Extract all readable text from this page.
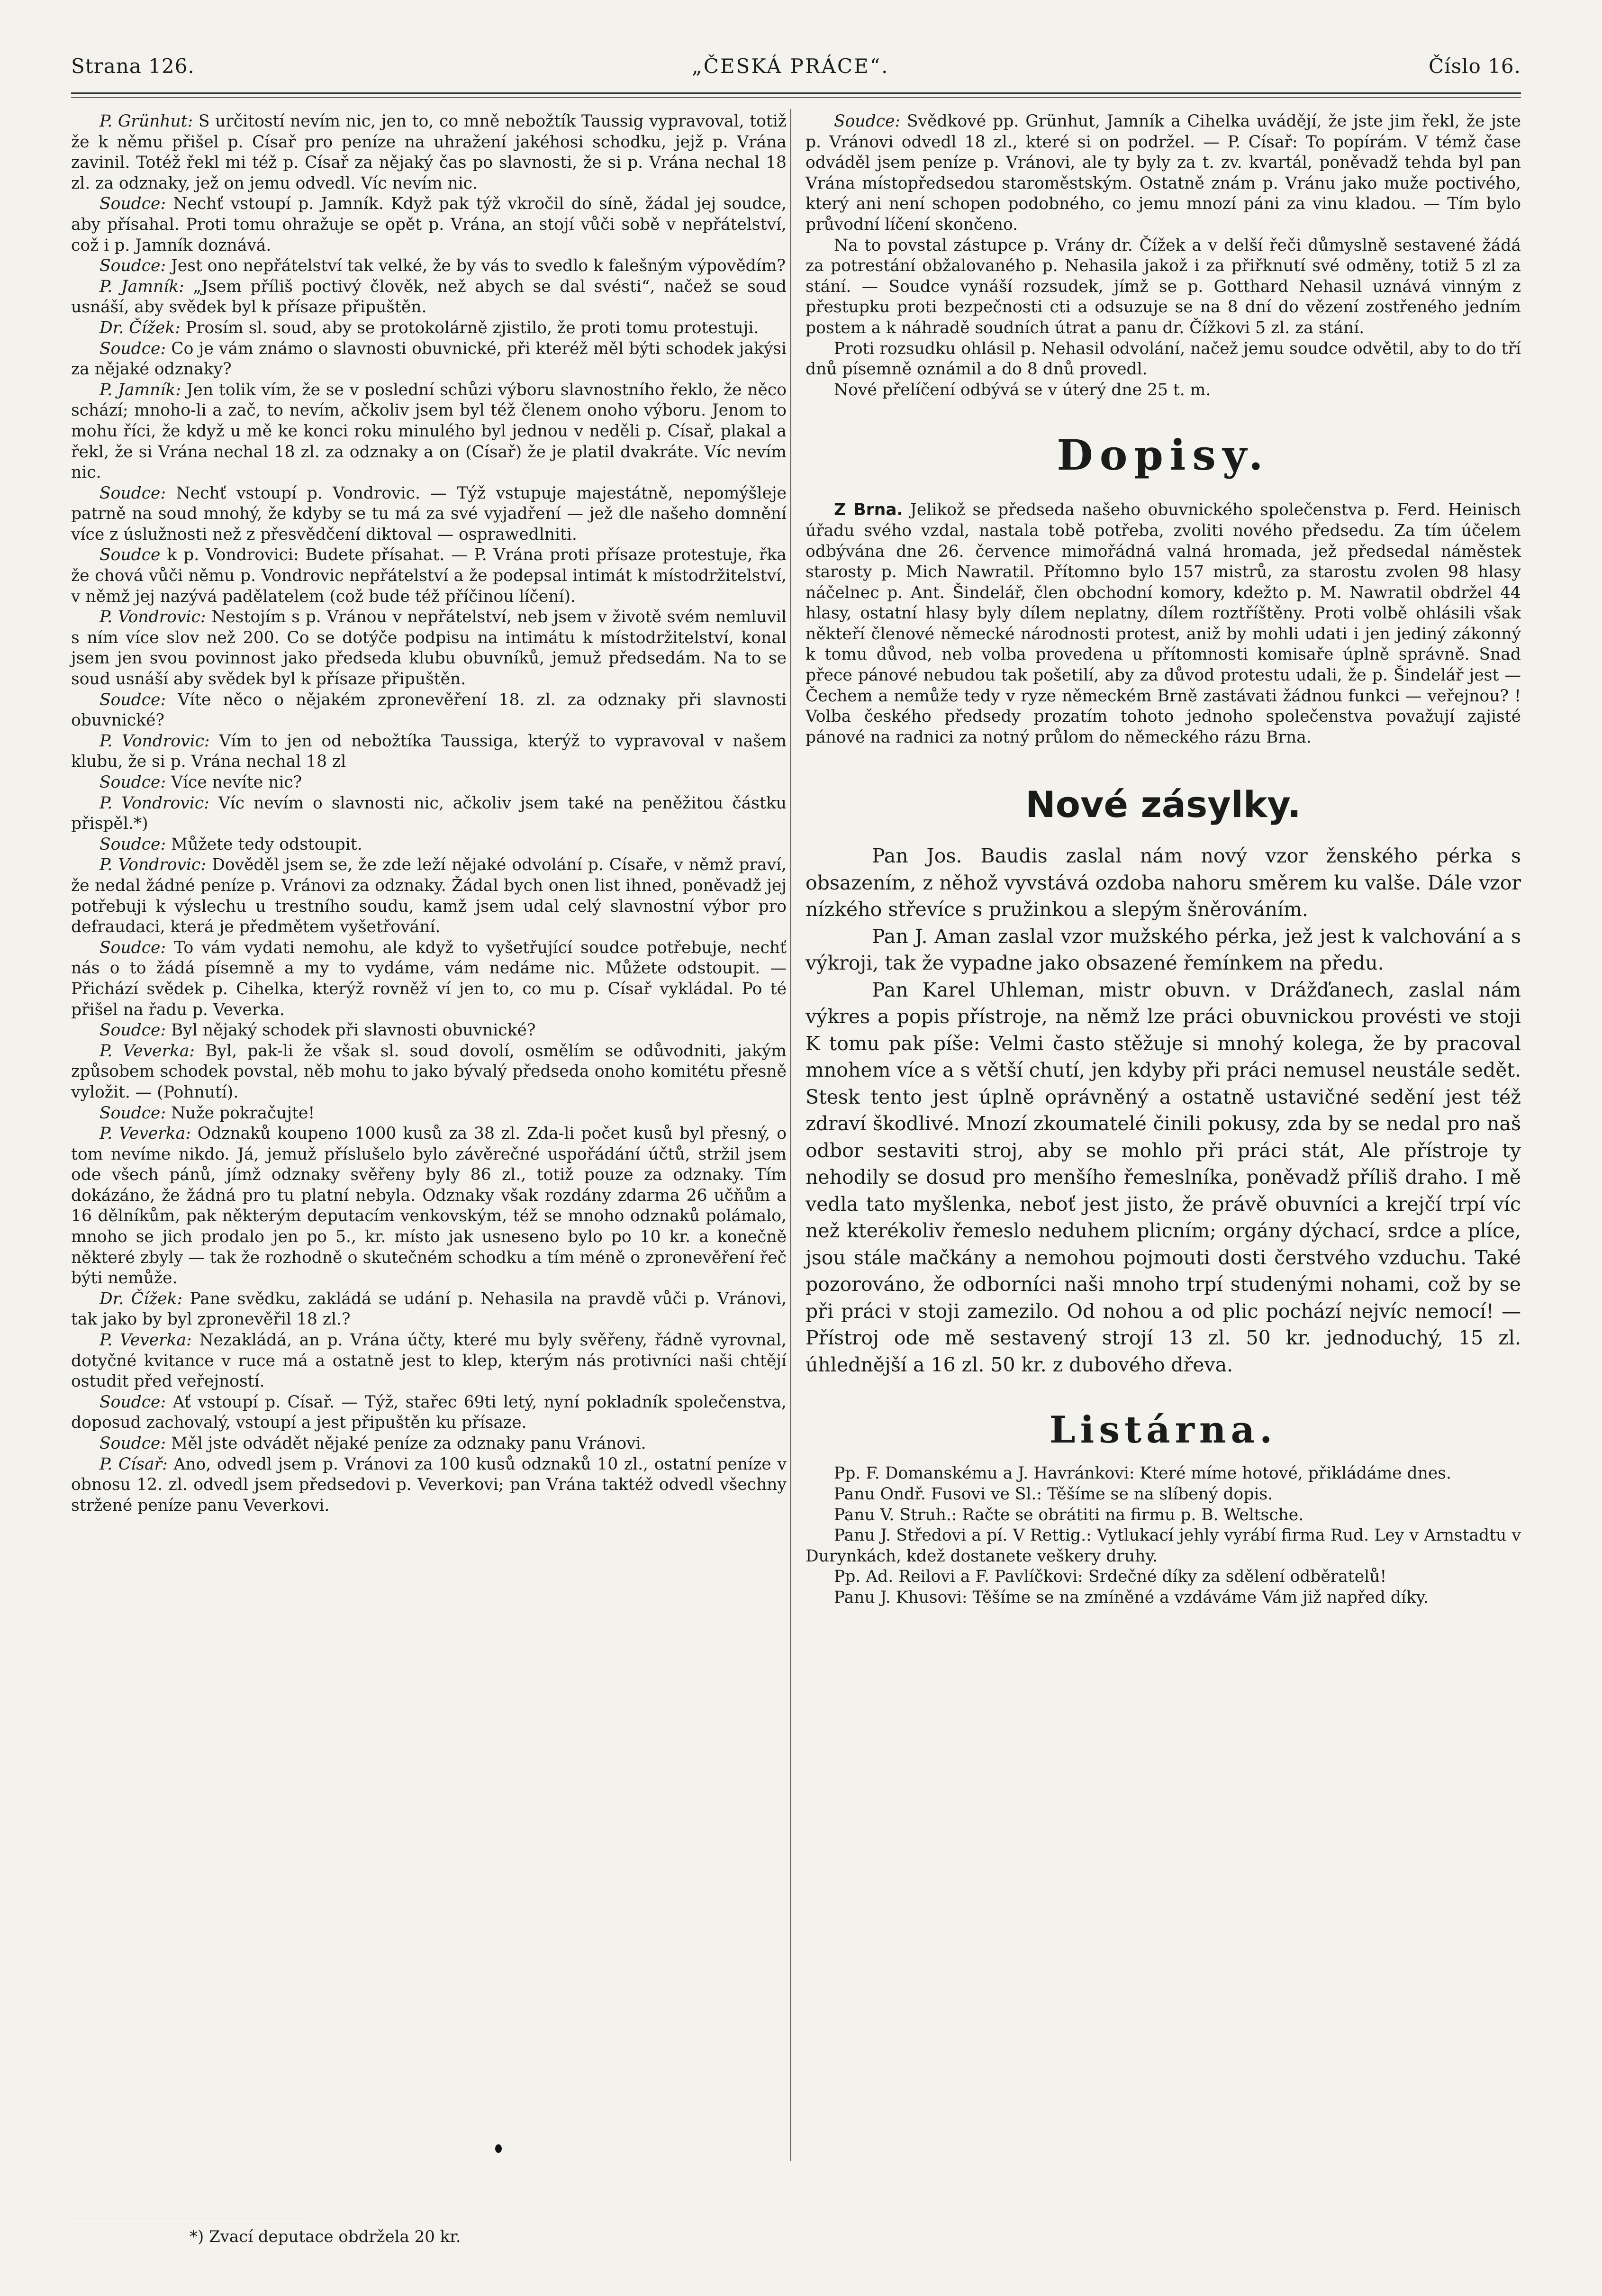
Strana 126.	„ČESKÁ PRÁCE“.	Číslo 16.

P. Grünhut: S určitostí nevím nic, jen to, co mně nebožtík Taussig vypravoval, totiž že k němu přišel p. Císař pro peníze na uhražení jakéhosi schodku, jejž p. Vrána zavinil. Totéž řekl mi též p. Císař za nějaký čas po slavnosti, že si p. Vrána nechal 18 zl. za odznaky, jež on jemu odvedl. Víc nevím nic.

Soudce: Nechť vstoupí p. Jamník. Když pak týž vkročil do síně, žádal jej soudce, aby přísahal. Proti tomu ohražuje se opět p. Vrána, an stojí vůči sobě v nepřátelství, což i p. Jamník doznává.

Soudce: Jest ono nepřátelství tak velké, že by vás to svedlo k falešným výpovědím?

P. Jamník: „Jsem příliš poctivý člověk, než abych se dal svésti“, načež se soud usnáší, aby svědek byl k přísaze připuštěn.

Dr. Čížek: Prosím sl. soud, aby se protokolárně zjistilo, že proti tomu protestuji.

Soudce: Co je vám známo o slavnosti obuvnické, při kteréž měl býti schodek jakýsi za nějaké odznaky?

P. Jamník: Jen tolik vím, že se v poslední schůzi výboru slavnostního řeklo, že něco schází; mnoho-li a zač, to nevím, ačkoliv jsem byl též členem onoho výboru. Jenom to mohu říci, že když u mě ke konci roku minulého byl jednou v neděli p. Císař, plakal a řekl, že si Vrána nechal 18 zl. za odznaky a on (Císař) že je platil dvakráte. Víc nevím nic.

Soudce: Nechť vstoupí p. Vondrovic. — Týž vstupuje majestátně, nepomýšleje patrně na soud mnohý, že kdyby se tu má za své vyjadření — jež dle našeho domnění více z úslužnosti než z přesvědčení diktoval — osprawedlniti.

Soudce k p. Vondrovici: Budete přísahat. — P. Vrána proti přísaze protestuje, řka že chová vůči němu p. Vondrovic nepřátelství a že podepsal intimát k místodržitelství, v němž jej nazývá padělatelem (což bude též příčinou líčení).

P. Vondrovic: Nestojím s p. Vránou v nepřátelství, neb jsem v životě svém nemluvil s ním více slov než 200. Co se dotýče podpisu na intimátu k místodržitelství, konal jsem jen svou povinnost jako předseda klubu obuvníků, jemuž předsedám. Na to se soud usnáší aby svědek byl k přísaze připuštěn.

Soudce: Víte něco o nějakém zpronevěření 18. zl. za odznaky při slavnosti obuvnické?

P. Vondrovic: Vím to jen od nebožtíka Taussiga, kterýž to vypravoval v našem klubu, že si p. Vrána nechal 18 zl

Soudce: Více nevíte nic?

P. Vondrovic: Víc nevím o slavnosti nic, ačkoliv jsem také na peněžitou částku přispěl.*)

Soudce: Můžete tedy odstoupit.

P. Vondrovic: Dověděl jsem se, že zde leží nějaké odvolání p. Císaře, v němž praví, že nedal žádné peníze p. Vránovi za odznaky. Žádal bych onen list ihned, poněvadž jej potřebuji k výslechu u trestního soudu, kamž jsem udal celý slavnostní výbor pro defraudaci, která je předmětem vyšetřování.

Soudce: To vám vydati nemohu, ale když to vyšetřující soudce potřebuje, nechť nás o to žádá písemně a my to vydáme, vám nedáme nic. Můžete odstoupit. — Přichází svědek p. Cihelka, kterýž rovněž ví jen to, co mu p. Císař vykládal. Po té přišel na řadu p. Veverka.

Soudce: Byl nějaký schodek při slavnosti obuvnické?

P. Veverka: Byl, pak-li že však sl. soud dovolí, osmělím se odůvodniti, jakým způsobem schodek povstal, něb mohu to jako bývalý předseda onoho komitétu přesně vyložit. — (Pohnutí).

Soudce: Nuže pokračujte!

P. Veverka: Odznaků koupeno 1000 kusů za 38 zl. Zda-li počet kusů byl přesný, o tom nevíme nikdo. Já, jemuž příslušelo bylo závěrečné uspořádání účtů, stržil jsem ode všech pánů, jímž odznaky svěřeny byly 86 zl., totiž pouze za odznaky. Tím dokázáno, že žádná pro tu platní nebyla. Odznaky však rozdány zdarma 26 učňům a 16 dělníkům, pak některým deputacím venkovským, též se mnoho odznaků polámalo, mnoho se jich prodalo jen po 5., kr. místo jak usneseno bylo po 10 kr. a konečně některé zbyly — tak že rozhodně o skutečném schodku a tím méně o zpronevěření řeč býti nemůže.

Dr. Čížek: Pane svědku, zakládá se udání p. Nehasila na pravdě vůči p. Vránovi, tak jako by byl zpronevěřil 18 zl.?

P. Veverka: Nezakládá, an p. Vrána účty, které mu byly svěřeny, řádně vyrovnal, dotyčné kvitance v ruce má a ostatně jest to klep, kterým nás protivníci naši chtějí ostudit před veřejností.

Soudce: Ať vstoupí p. Císař. — Týž, stařec 69ti letý, nyní pokladník společenstva, doposud zachovalý, vstoupí a jest připuštěn ku přísaze.

Soudce: Měl jste odvádět nějaké peníze za odznaky panu Vránovi.

P. Císař: Ano, odvedl jsem p. Vránovi za 100 kusů odznaků 10 zl., ostatní peníze v obnosu 12. zl. odvedl jsem předsedovi p. Veverkovi; pan Vrána taktéž odvedl všechny stržené peníze panu Veverkovi.

Soudce: Svědkové pp. Grünhut, Jamník a Cihelka uvádějí, že jste jim řekl, že jste p. Vránovi odvedl 18 zl., které si on podržel. — P. Císař: To popírám. V témž čase odváděl jsem peníze p. Vránovi, ale ty byly za t. zv. kvartál, poněvadž tehda byl pan Vrána místopředsedou staroměstským. Ostatně znám p. Vránu jako muže poctivého, který ani není schopen podobného, co jemu mnozí páni za vinu kladou. — Tím bylo průvodní líčení skončeno.

Na to povstal zástupce p. Vrány dr. Čížek a v delší řeči důmyslně sestavené žádá za potrestání obžalovaného p. Nehasila jakož i za přiřknutí své odměny, totiž 5 zl za stání. — Soudce vynáší rozsudek, jímž se p. Gotthard Nehasil uznává vinným z přestupku proti bezpečnosti cti a odsuzuje se na 8 dní do vězení zostřeného jedním postem a k náhradě soudních útrat a panu dr. Čížkovi 5 zl. za stání.

Proti rozsudku ohlásil p. Nehasil odvolání, načež jemu soudce odvětil, aby to do tří dnů písemně oznámil a do 8 dnů provedl.

Nové přelíčení odbývá se v úterý dne 25 t. m.

Dopisy.

Z Brna. Jelikož se předseda našeho obuvnického společenstva p. Ferd. Heinisch úřadu svého vzdal, nastala tobě potřeba, zvoliti nového předsedu. Za tím účelem odbývána dne 26. července mimořádná valná hromada, jež předsedal náměstek starosty p. Mich Nawratil. Přítomno bylo 157 mistrů, za starostu zvolen 98 hlasy náčelnec p. Ant. Šindelář, člen obchodní komory, kdežto p. M. Nawratil obdržel 44 hlasy, ostatní hlasy byly dílem neplatny, dílem roztříštěny. Proti volbě ohlásili však někteří členové německé národnosti protest, aniž by mohli udati i jen jediný zákonný k tomu důvod, neb volba provedena u přítomnosti komisaře úplně správně. Snad přece pánové nebudou tak pošetilí, aby za důvod protestu udali, že p. Šindelář jest — Čechem a nemůže tedy v ryze německém Brně zastávati žádnou funkci — veřejnou? ! Volba českého předsedy prozatím tohoto jednoho společenstva považují zajisté pánové na radnici za notný průlom do německého rázu Brna.

Nové zásylky.

Pan Jos. Baudis zaslal nám nový vzor ženského pérka s obsazením, z něhož vyvstává ozdoba nahoru směrem ku valše. Dále vzor nízkého střevíce s pružinkou a slepým šněrováním.

Pan J. Aman zaslal vzor mužského pérka, jež jest k valchování a s výkroji, tak že vypadne jako obsazené řemínkem na předu.

Pan Karel Uhleman, mistr obuvn. v Drážďanech, zaslal nám výkres a popis přístroje, na němž lze práci obuvnickou provésti ve stoji K tomu pak píše: Velmi často stěžuje si mnohý kolega, že by pracoval mnohem více a s větší chutí, jen kdyby při práci nemusel neustále sedět. Stesk tento jest úplně oprávněný a ostatně ustavičné sedění jest též zdraví škodlivé. Mnozí zkoumatelé činili pokusy, zda by se nedal pro naš odbor sestaviti stroj, aby se mohlo při práci stát, Ale přístroje ty nehodily se dosud pro menšího řemeslníka, poněvadž příliš draho. I mě vedla tato myšlenka, neboť jest jisto, že právě obuvníci a krejčí trpí víc než kterékoliv řemeslo neduhem plicním; orgány dýchací, srdce a plíce, jsou stále mačkány a nemohou pojmouti dosti čerstvého vzduchu. Také pozorováno, že odborníci naši mnoho trpí studenými nohami, což by se při práci v stoji zamezilo. Od nohou a od plic pochází nejvíc nemocí! — Přístroj ode mě sestavený strojí 13 zl. 50 kr. jednoduchý, 15 zl. úhlednější a 16 zl. 50 kr. z dubového dřeva.

Listárna.

Pp. F. Domanskému a J. Havránkovi: Které míme hotové, přikládáme dnes.

Panu Ondř. Fusovi ve Sl.: Těšíme se na slíbený dopis.

Panu V. Struh.: Račte se obrátiti na firmu p. B. Weltsche.

Panu J. Středovi a pí. V Rettig.: Vytlukací jehly vyrábí firma Rud. Ley v Arnstadtu v Durynkách, kdež dostanete veškery druhy.

Pp. Ad. Reilovi a F. Pavlíčkovi: Srdečné díky za sdělení odběratelů!

Panu J. Khusovi: Těšíme se na zmíněné a vzdáváme Vám již napřed díky.

*) Zvací deputace obdržela 20 kr.
